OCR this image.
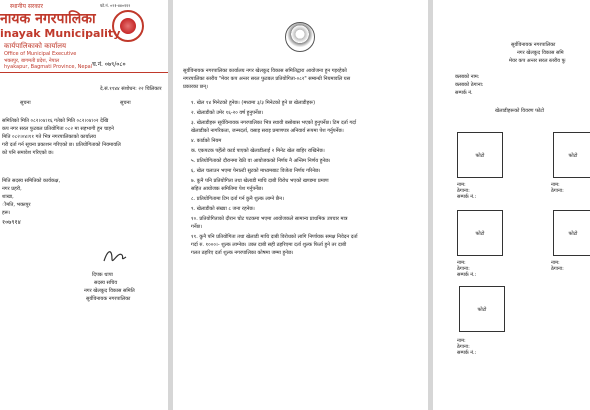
स्थानीय सरकार	फो.नं. ०२१-४४०११२
नायक नगरपालिका
inayak Municipality
कार्यपालिकाको कार्यालय
Office of Municipal Executive
भक्तपुर, बागमती प्रदेश, नेपाल
hyakapur, Bagmati Province, Nepal च.नं. ०७९/०८०
दे.सं.११४४ संशोधन: २२ चिलिकार
सूचना	सूचना
समितिको मिति ०८२।०४।१६ गतेको मिति ०८२।०४।०२ देखि
कप नगर सरल फुटबल प्रतियोगिता ०८२ मा सहभागी हुन चाहने
मिति ०८२।०४।११ गते भित्र नगरपालिकाको कार्यालय
गरी दर्ता गर्न सूचना प्रकाशन गरिएको छ। प्रतियोगिताको नियमावलि
को पनि समावेश गरिएको छ।
मिति सदस्य समितिको कार्यकक्ष,
नगर प्रहरी,
शाखा,
ीमति, भक्तपुर
हरू।
१०७९१४
दिपक थापा
सदस्य सचिव
नगर खेलकुद विकास समिति
सूर्यविनायक नगरपालिका
सूर्यविनायक नगरपालिका कार्यालय नगर खेलकुद विकास समितिद्वारा आयोजना हुन गइरहेको
नगरपालिका स्तरीय "मेयर कप अन्तर सरल फुटबल प्रतियोगिता-०८२" सम्बन्धी नियमावलि यस
प्रकारका छन्।
१. खेल १४ मिनेटको हुनेछ। (मध्यमा ३/३ मिनेटको हुने छ खेलाडीहरू)
२. खेलाडीको उमेर १६-२० वर्ष हुनुपर्नेछ।
३. खेलाडीहरू सूर्यविनायक नगरपालिका भित्र स्थायी बसोबास भएको हुनुपर्नेछ। टिम दर्ता गर्दा
खेलाडीको नागरिकता, जन्मदर्ता, वसाइ सराइ प्रमाणपत्र अनिवार्य रूपमा पेश गर्नुपर्नेछ।
४. कार्डको नियम
क. एकपटक पहेँलो कार्ड पाएको खेलाडीलाई २ मिनेट खेल बाहिर राखिनेछ।
५. प्रतियोगिताको दौरानमा रेफ्री वा आयोजकको निर्णय नै अन्तिम निर्णय हुनेछ।
६. खेल चलाउन भएमा पेनाल्टी सुटको माध्यमबाट विजेता निर्णय गरिनेछ।
७. कुनै पनि प्रतियोगिता तथा खेलाडी माथि दाबी विरोध भएको खण्डमा प्रमाण
सहित आयोजक समितिमा पेश गर्नुपर्नेछ।
८. प्रतियोगितामा टिम दर्ता गर्न कुनै शुल्क लाग्ने छैन।
९. खेलाडीको संख्या ८ जना रहनेछ।
१०. प्रतियोगिताको दौरान चोट पटकमा भएमा आयोजकले सामान्य प्राथमिक उपचार मात्र
गर्नेछ।
११. कुनै पनि प्रतियोगिता तथा खेलाडी माथि दाबी विरोधको लागि निर्णायक समक्ष निवेदन दर्ता
गर्दा रु. १०००।- शुल्क लाग्नेछ। उक्त दाबी सही ठहरिएमा दर्ता शुल्क फिर्ता हुने तर दाबी
गलत ठहरिए दर्ता शुल्क नगरपालिका कोषमा जम्मा हुनेछ।
सूर्यविनायक नगरपालिका
नगर खेलकुद विकास समि
मेयर कप अन्तर सरल स्तरीय फु
क्लबको नाम:
क्लबको ठेगाना:
सम्पर्क नं.
खेलाडीहरूको विवरण फोटो
फोटो	फोटो
नाम:
ठेगाना:
सम्पर्क नं.:
नाम:
ठेगाना:
फोटो	फोटो
नाम:
ठेगाना:
सम्पर्क नं.:
नाम:
ठेगाना:
फोटो
नाम:
ठेगाना:
सम्पर्क नं.:
